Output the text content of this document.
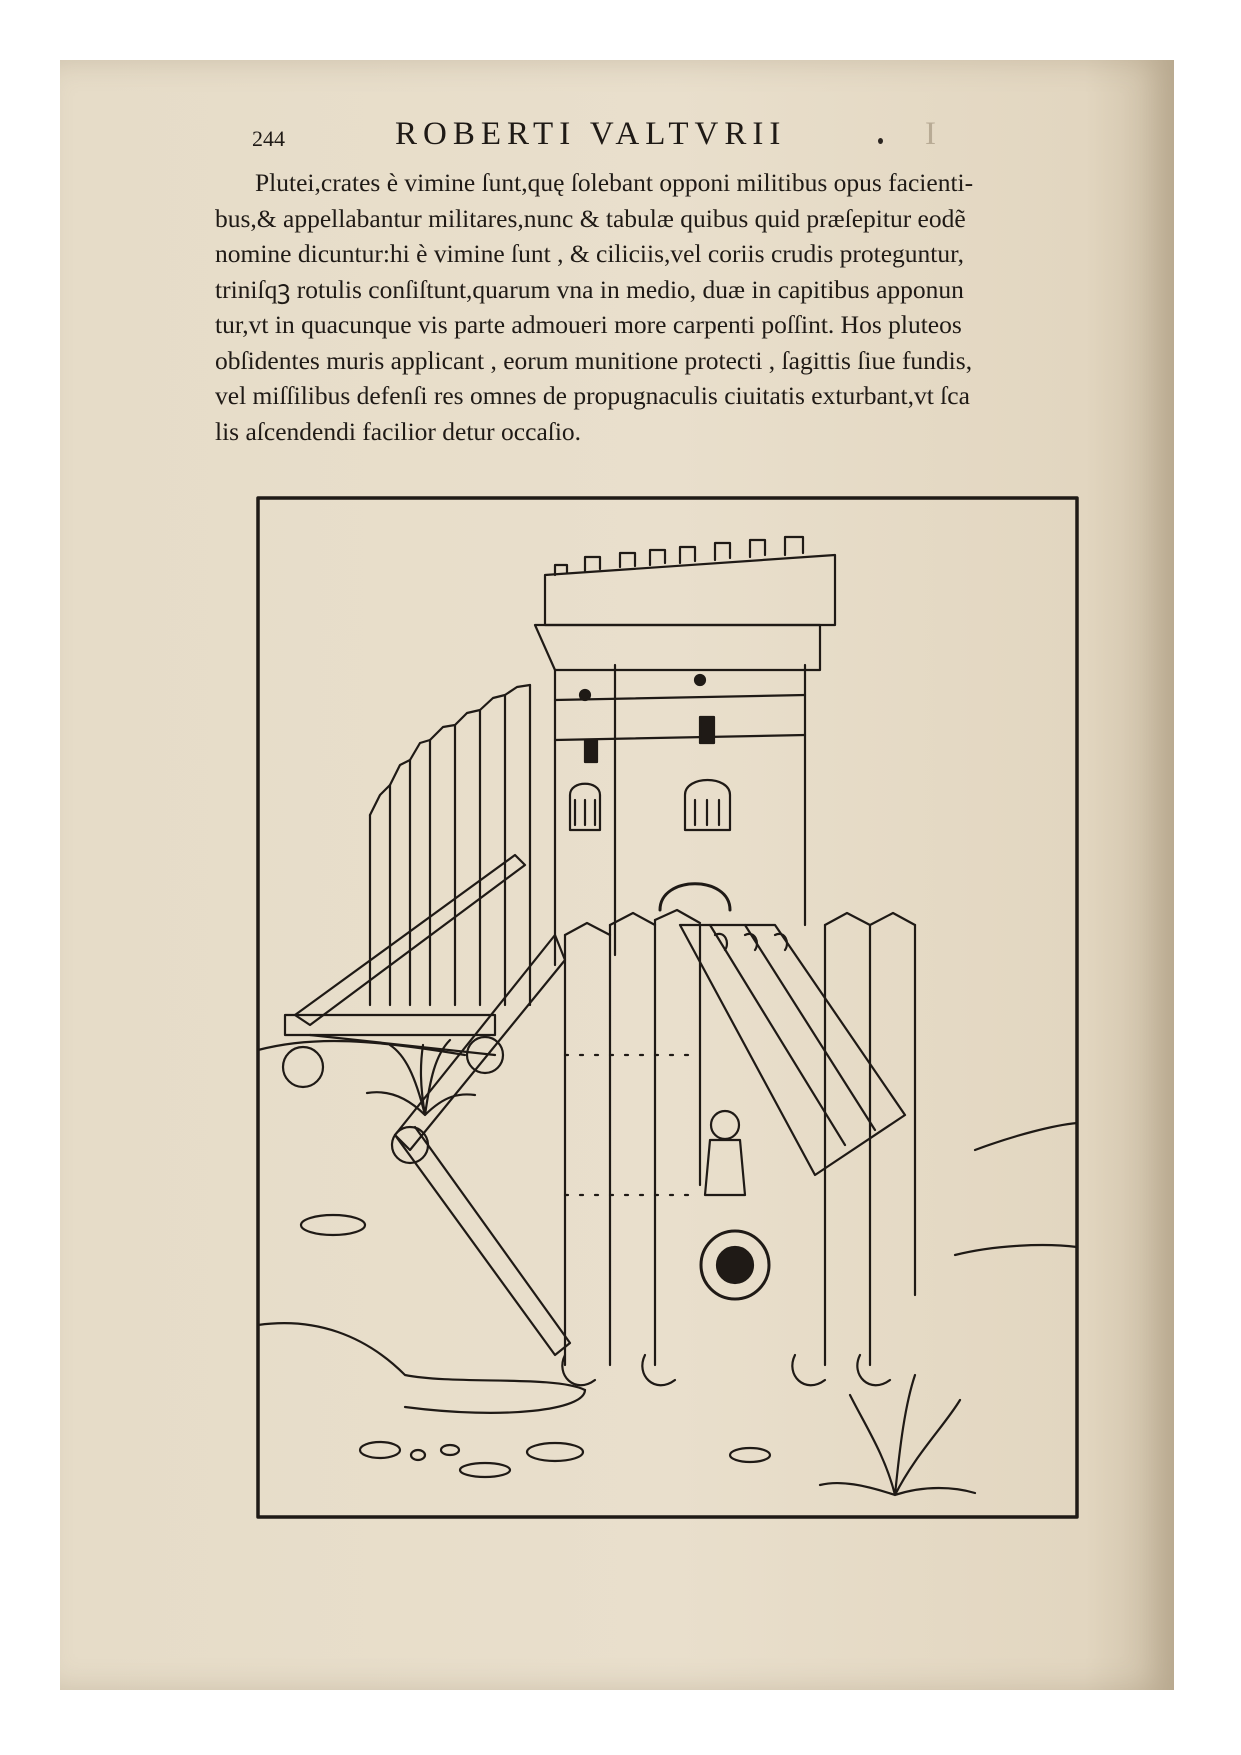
244	ROBERTI VALTVRII	I
Plutei,crates è vimine ſunt,quę ſolebant opponi militibus opus facienti-
bus,& appellabantur militares,nunc & tabulæ quibus quid præſepitur eodẽ
nomine dicuntur:hi è vimine ſunt , & ciliciis,vel coriis crudis proteguntur,
triniſqꝫ rotulis conſiſtunt,quarum vna in medio, duæ in capitibus apponun
tur,vt in quacunque vis parte admoueri more carpenti poſſint. Hos pluteos
obſidentes muris applicant , eorum munitione protecti , ſagittis ſiue fundis,
vel miſſilibus defenſi res omnes de propugnaculis ciuitatis exturbant,vt ſca
lis aſcendendi facilior detur occaſio.
